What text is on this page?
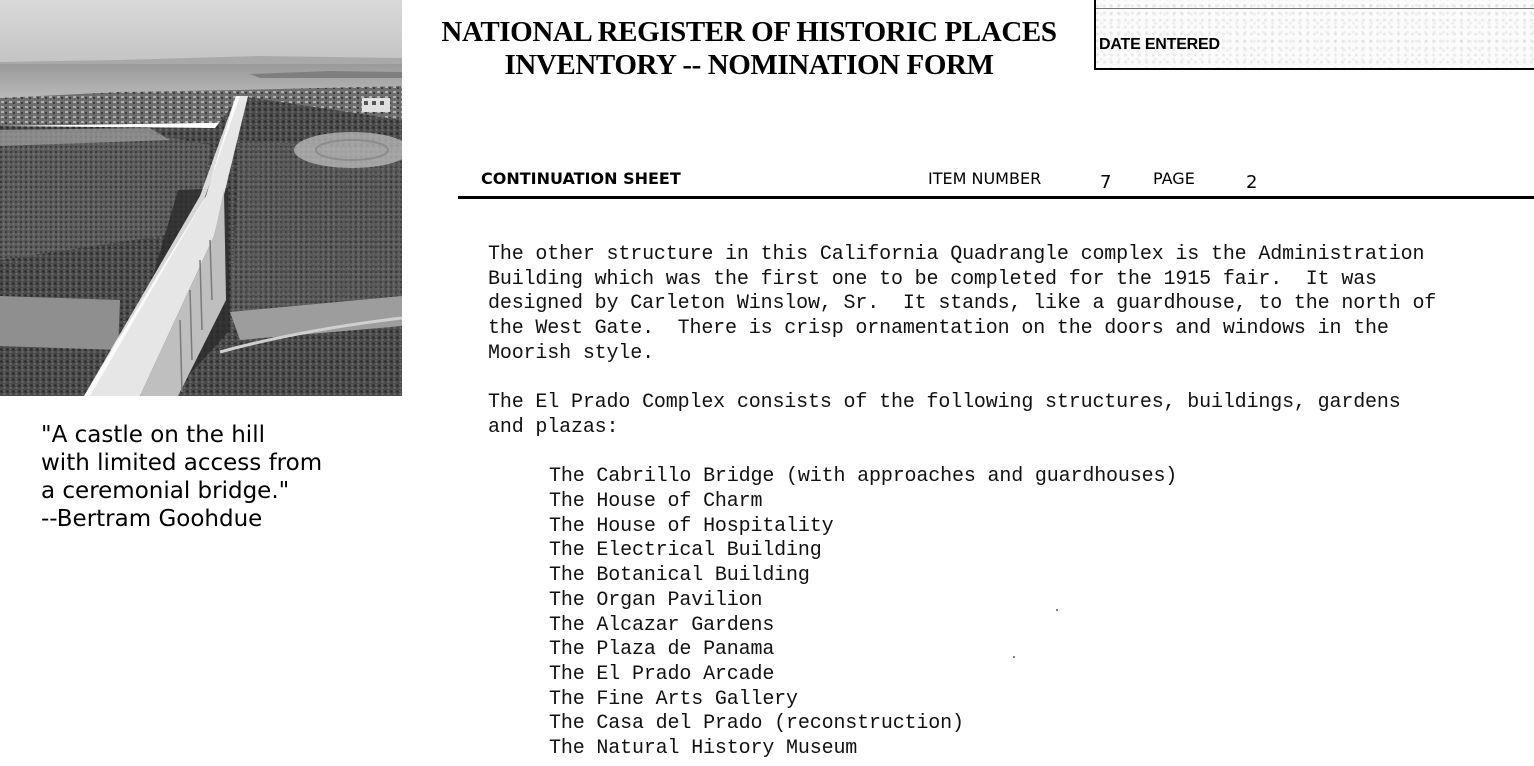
"A castle on the hill
with limited access from
a ceremonial bridge."
--Bertram Goohdue
NATIONAL REGISTER OF HISTORIC PLACES
INVENTORY -- NOMINATION FORM
DATE ENTERED
CONTINUATION SHEET	ITEM NUMBER	7	PAGE	2
The other structure in this California Quadrangle complex is the Administration
Building which was the first one to be completed for the 1915 fair.  It was
designed by Carleton Winslow, Sr.  It stands, like a guardhouse, to the north of
the West Gate.  There is crisp ornamentation on the doors and windows in the
Moorish style.
The El Prado Complex consists of the following structures, buildings, gardens
and plazas:
The Cabrillo Bridge (with approaches and guardhouses)
The House of Charm
The House of Hospitality
The Electrical Building
The Botanical Building
The Organ Pavilion
The Alcazar Gardens
The Plaza de Panama
The El Prado Arcade
The Fine Arts Gallery
The Casa del Prado (reconstruction)
The Natural History Museum
